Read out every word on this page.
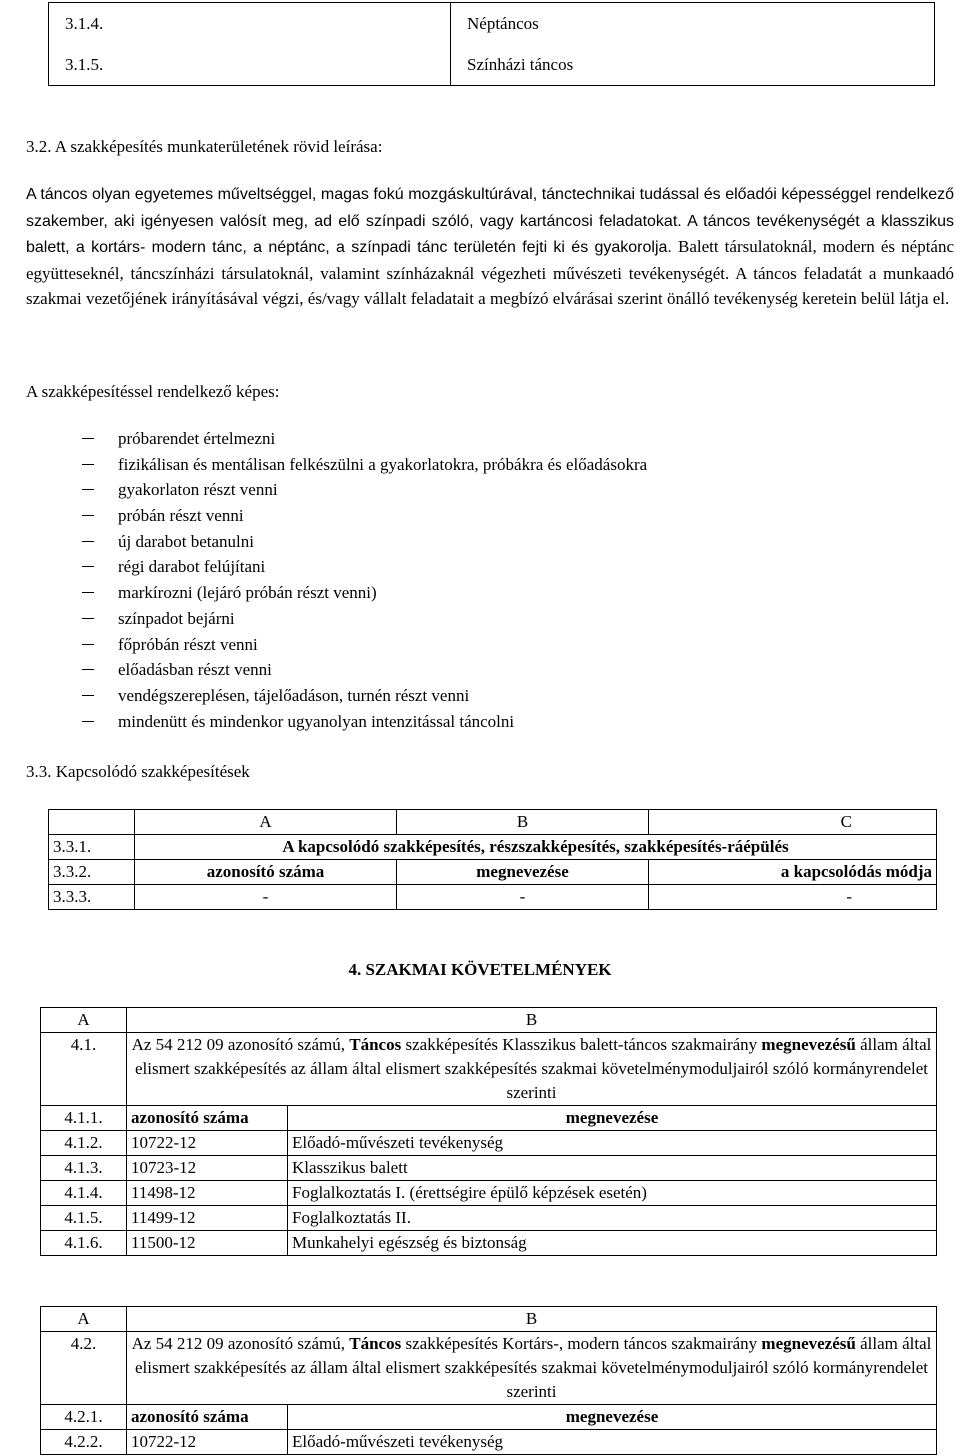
3.1.4.	Néptáncos
3.1.5.	Színházi táncos
3.2. A szakképesítés munkaterületének rövid leírása:

A táncos olyan egyetemes műveltséggel, magas fokú mozgáskultúrával, tánctechnikai tudással és előadói képességgel rendelkező szakember, aki igényesen valósít meg, ad elő színpadi szóló, vagy kartáncosi feladatokat. A táncos tevékenységét a klasszikus balett, a kortárs- modern tánc, a néptánc, a színpadi tánc területén fejti ki és gyakorolja. Balett társulatoknál, modern és néptánc együtteseknél, táncszínházi társulatoknál, valamint színházaknál végezheti művészeti tevékenységét. A táncos feladatát a munkaadó szakmai vezetőjének irányításával végzi, és/vagy vállalt feladatait a megbízó elvárásai szerint önálló tevékenység keretein belül látja el.

A szakképesítéssel rendelkező képes:
próbarendet értelmezni
fizikálisan és mentálisan felkészülni a gyakorlatokra, próbákra és előadásokra
gyakorlaton részt venni
próbán részt venni
új darabot betanulni
régi darabot felújítani
markírozni (lejáró próbán részt venni)
színpadot bejárni
főpróbán részt venni
előadásban részt venni
vendégszereplésen, tájelőadáson, turnén részt venni
mindenütt és mindenkor ugyanolyan intenzitással táncolni
3.3. Kapcsolódó szakképesítések
	A	B	C
3.3.1.	A kapcsolódó szakképesítés, részszakképesítés, szakképesítés-ráépülés		
3.3.2.	azonosító száma	megnevezése	a kapcsolódás módja
3.3.3.	-	-	-
4. SZAKMAI KÖVETELMÉNYEK
A	B	
4.1.	Az 54 212 09 azonosító számú, Táncos szakképesítés Klasszikus balett-táncos szakmairány megnevezésű állam által elismert szakképesítés az állam által elismert szakképesítés szakmai követelménymoduljairól szóló kormányrendelet szerinti	
4.1.1.	azonosító száma	megnevezése
4.1.2.	10722-12	Előadó-művészeti tevékenység
4.1.3.	10723-12	Klasszikus balett
4.1.4.	11498-12	Foglalkoztatás I. (érettségire épülő képzések esetén)
4.1.5.	11499-12	Foglalkoztatás II.
4.1.6.	11500-12	Munkahelyi egészség és biztonság
A	B	
4.2.	Az 54 212 09 azonosító számú, Táncos szakképesítés Kortárs-, modern táncos szakmairány megnevezésű állam által elismert szakképesítés az állam által elismert szakképesítés szakmai követelménymoduljairól szóló kormányrendelet szerinti	
4.2.1.	azonosító száma	megnevezése
4.2.2.	10722-12	Előadó-művészeti tevékenység
